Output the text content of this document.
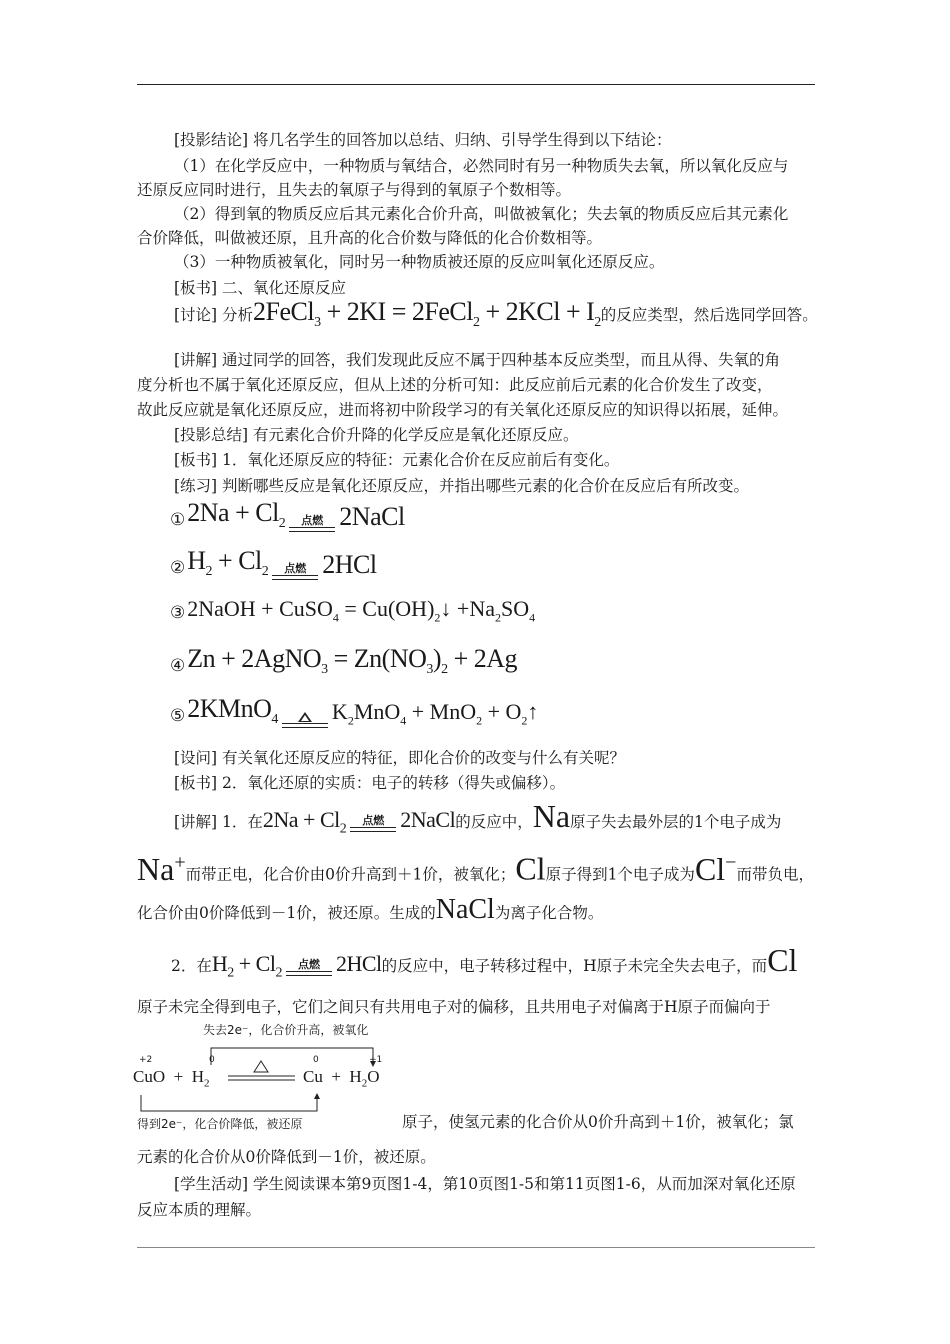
[投影结论] 将几名学生的回答加以总结、归纳、引导学生得到以下结论：
（1）在化学反应中，一种物质与氧结合，必然同时有另一种物质失去氧，所以氧化反应与
还原反应同时进行，且失去的氧原子与得到的氧原子个数相等。
（2）得到氧的物质反应后其元素化合价升高，叫做被氧化；失去氧的物质反应后其元素化
合价降低，叫做被还原，且升高的化合价数与降低的化合价数相等。
（3）一种物质被氧化，同时另一种物质被还原的反应叫氧化还原反应。
[板书] 二、氧化还原反应
[讨论] 分析2FeCl$_3$ + 2KI = 2FeCl$_2$ + $2KCl + I_2$的反应类型，然后选同学回答。
[讲解] 通过同学的回答，我们发现此反应不属于四种基本反应类型，而且从得、失氧的角
度分析也不属于氧化还原反应，但从上述的分析可知：此反应前后元素的化合价发生了改变，
故此反应就是氧化还原反应，进而将初中阶段学习的有关氧化还原反应的知识得以拓展，延伸。
[投影总结] 有元素化合价升降的化学反应是氧化还原反应。
[板书] 1．氧化还原反应的特征：元素化合价在反应前后有变化。
[练习] 判断哪些反应是氧化还原反应，并指出哪些元素的化合价在反应后有所改变。
① $2Na + Cl_2$ 点燃 2NaCl
② $H_2 + Cl_2$ 点燃 2HCl
③ 2NaOH + CuSO$_4$ = $Cu(OH)_2↓ +Na_2SO_4$
④ Zn + 2AgNO$_3$ = $Zn(NO_3)_2 + 2Ag$
⑤ 2KMnO$_4$ $K_2MnO_4 + MnO_2$ + $O_2↑$
[设问] 有关氧化还原反应的特征，即化合价的改变与什么有关呢？
[板书] 2．氧化还原的实质：电子的转移（得失或偏移）。
[讲解] 1．在$2Na + Cl_2$
点燃 2NaCl的反应中，Na原子失去最外层的1个电子成为
Na+而带正电，化合价由0价升高到＋1价，被氧化；Cl原子得到1个电子成为Cl−而带负电，
化合价由0价降低到－1价，被还原。生成的NaCl为离子化合物。
2．在$H_2 + Cl_2$
点燃 2HCl的反应中，电子转移过程中，H原子未完全失去电子，而Cl
原子未完全得到电子，它们之间只有共用电子对的偏移，且共用电子对偏离于H原子而偏向于
失去2e⁻，化合价升高，被氧化
+2	0	0	+1
CuO  +  $H_2$	$Cu + H_2O$
得到2e⁻，化合价降低，被还原	原子，使氢元素的化合价从0价升高到＋1价，被氧化；氯
元素的化合价从0价降低到－1价，被还原。
[学生活动] 学生阅读课本第9页图1-4，第10页图1-5和第11页图1-6，从而加深对氧化还原
反应本质的理解。
